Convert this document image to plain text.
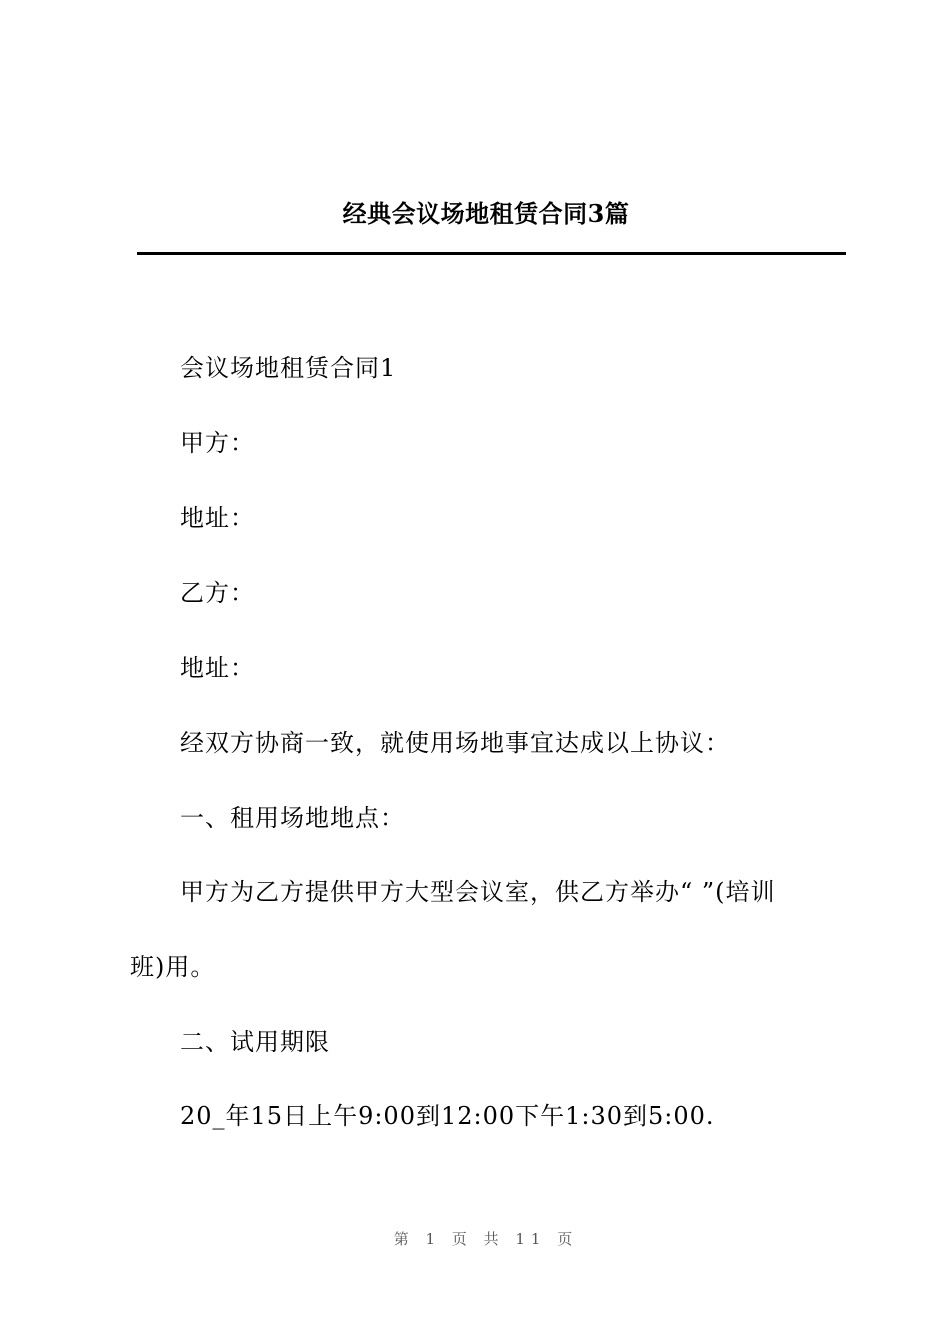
经典会议场地租赁合同3篇
会议场地租赁合同1
甲方：
地址：
乙方：
地址：
经双方协商一致，就使用场地事宜达成以上协议：
一、租用场地地点：
甲方为乙方提供甲方大型会议室，供乙方举办“ ”(培训
班)用。
二、试用期限
20_年15日上午9:00到12:00下午1:30到5:00.
第 1 页 共 11 页
